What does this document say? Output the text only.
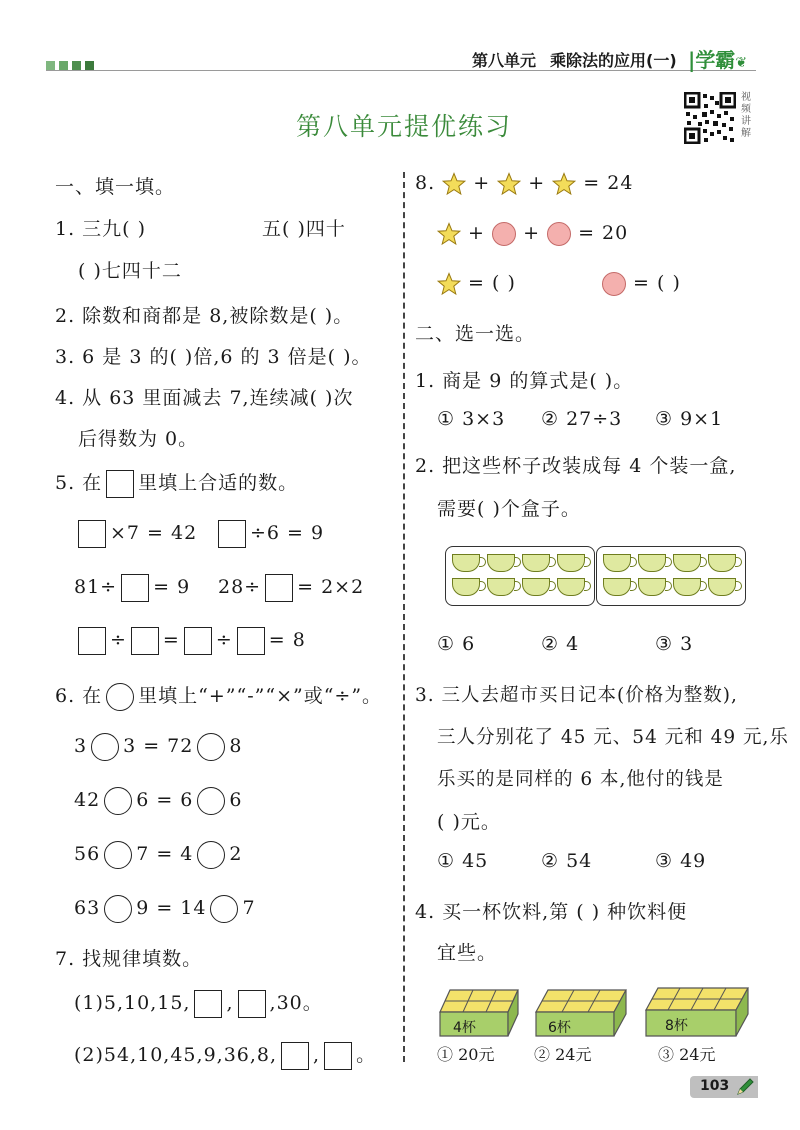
第八单元 乘除法的应用(一) |学霸❦
第八单元提优练习
视频讲解
一、填一填。
1. 三九( )	五( )四十
( )七四十二
2. 除数和商都是 8,被除数是( )。
3. 6 是 3 的( )倍,6 的 3 倍是( )。
4. 从 63 里面减去 7,连续减( )次
后得数为 0。
5. 在 里填上合适的数。
×7 = 42	÷6 = 9
81÷ = 9 28÷ = 2×2
÷ = ÷ = 8
6. 在 里填上“+”“-”“×”或“÷”。
3 3 = 72 8
42 6 = 6 6
56 7 = 4 2
63 9 = 14 7
7. 找规律填数。
(1)5,10,15, , ,30。
(2)54,10,45,9,36,8, , 。
8. + + = 24
+ + = 20
= ( )	= ( )
二、选一选。
1. 商是 9 的算式是( )。
① 3×3 ② 27÷3 ③ 9×1
2. 把这些杯子改装成每 4 个装一盒,
需要( )个盒子。
① 6	② 4	③ 3
3. 三人去超市买日记本(价格为整数),
三人分别花了 45 元、54 元和 49 元,乐
乐买的是同样的 6 本,他付的钱是
( )元。
① 45	② 54	③ 49
4. 买一杯饮料,第 ( ) 种饮料便
宜些。
4杯	6杯	8杯
① 20元 ② 24元	③ 24元
103
